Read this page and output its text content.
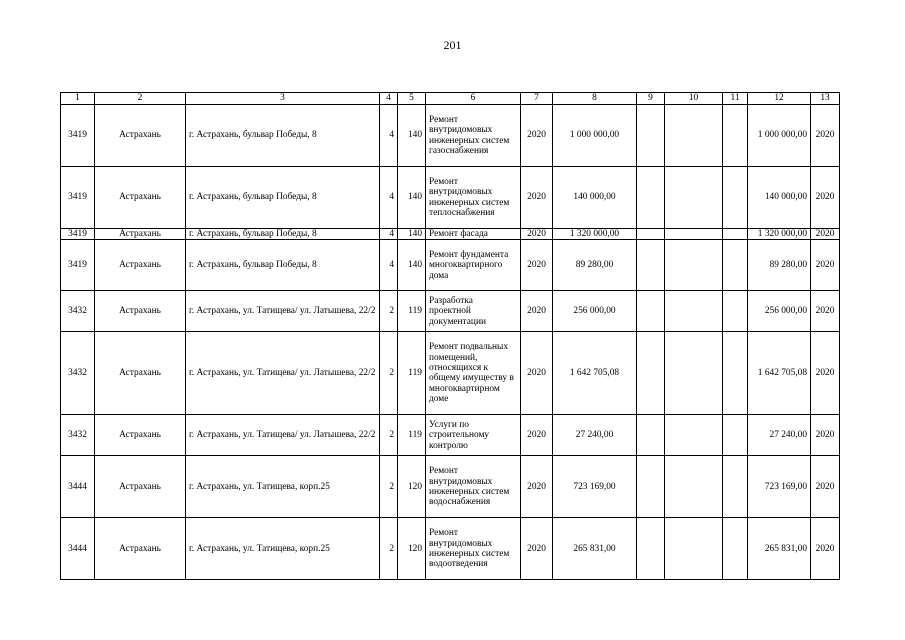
201
1	2	3	4	5	6	7	8	9	10	11	12	13
3419	Астрахань	г. Астрахань, бульвар Победы, 8	4	140	Ремонт внутридомовых инженерных систем газоснабжения	2020	1 000 000,00				1 000 000,00	2020
3419	Астрахань	г. Астрахань, бульвар Победы, 8	4	140	Ремонт внутридомовых инженерных систем теплоснабжения	2020	140 000,00				140 000,00	2020
3419	Астрахань	г. Астрахань, бульвар Победы, 8	4	140	Ремонт фасада	2020	1 320 000,00				1 320 000,00	2020
3419	Астрахань	г. Астрахань, бульвар Победы, 8	4	140	Ремонт фундамента многоквартирного дома	2020	89 280,00				89 280,00	2020
3432	Астрахань	г. Астрахань, ул. Татищева/ ул. Латышева, 22/2	2	119	Разработка проектной документации	2020	256 000,00				256 000,00	2020
3432	Астрахань	г. Астрахань, ул. Татищева/ ул. Латышева, 22/2	2	119	Ремонт подвальных помещений, относящихся к общему имуществу в многоквартирном доме	2020	1 642 705,08				1 642 705,08	2020
3432	Астрахань	г. Астрахань, ул. Татищева/ ул. Латышева, 22/2	2	119	Услуги по строительному контролю	2020	27 240,00				27 240,00	2020
3444	Астрахань	г. Астрахань, ул. Татищева, корп.25	2	120	Ремонт внутридомовых инженерных систем водоснабжения	2020	723 169,00				723 169,00	2020
3444	Астрахань	г. Астрахань, ул. Татищева, корп.25	2	120	Ремонт внутридомовых инженерных систем водоотведения	2020	265 831,00				265 831,00	2020
